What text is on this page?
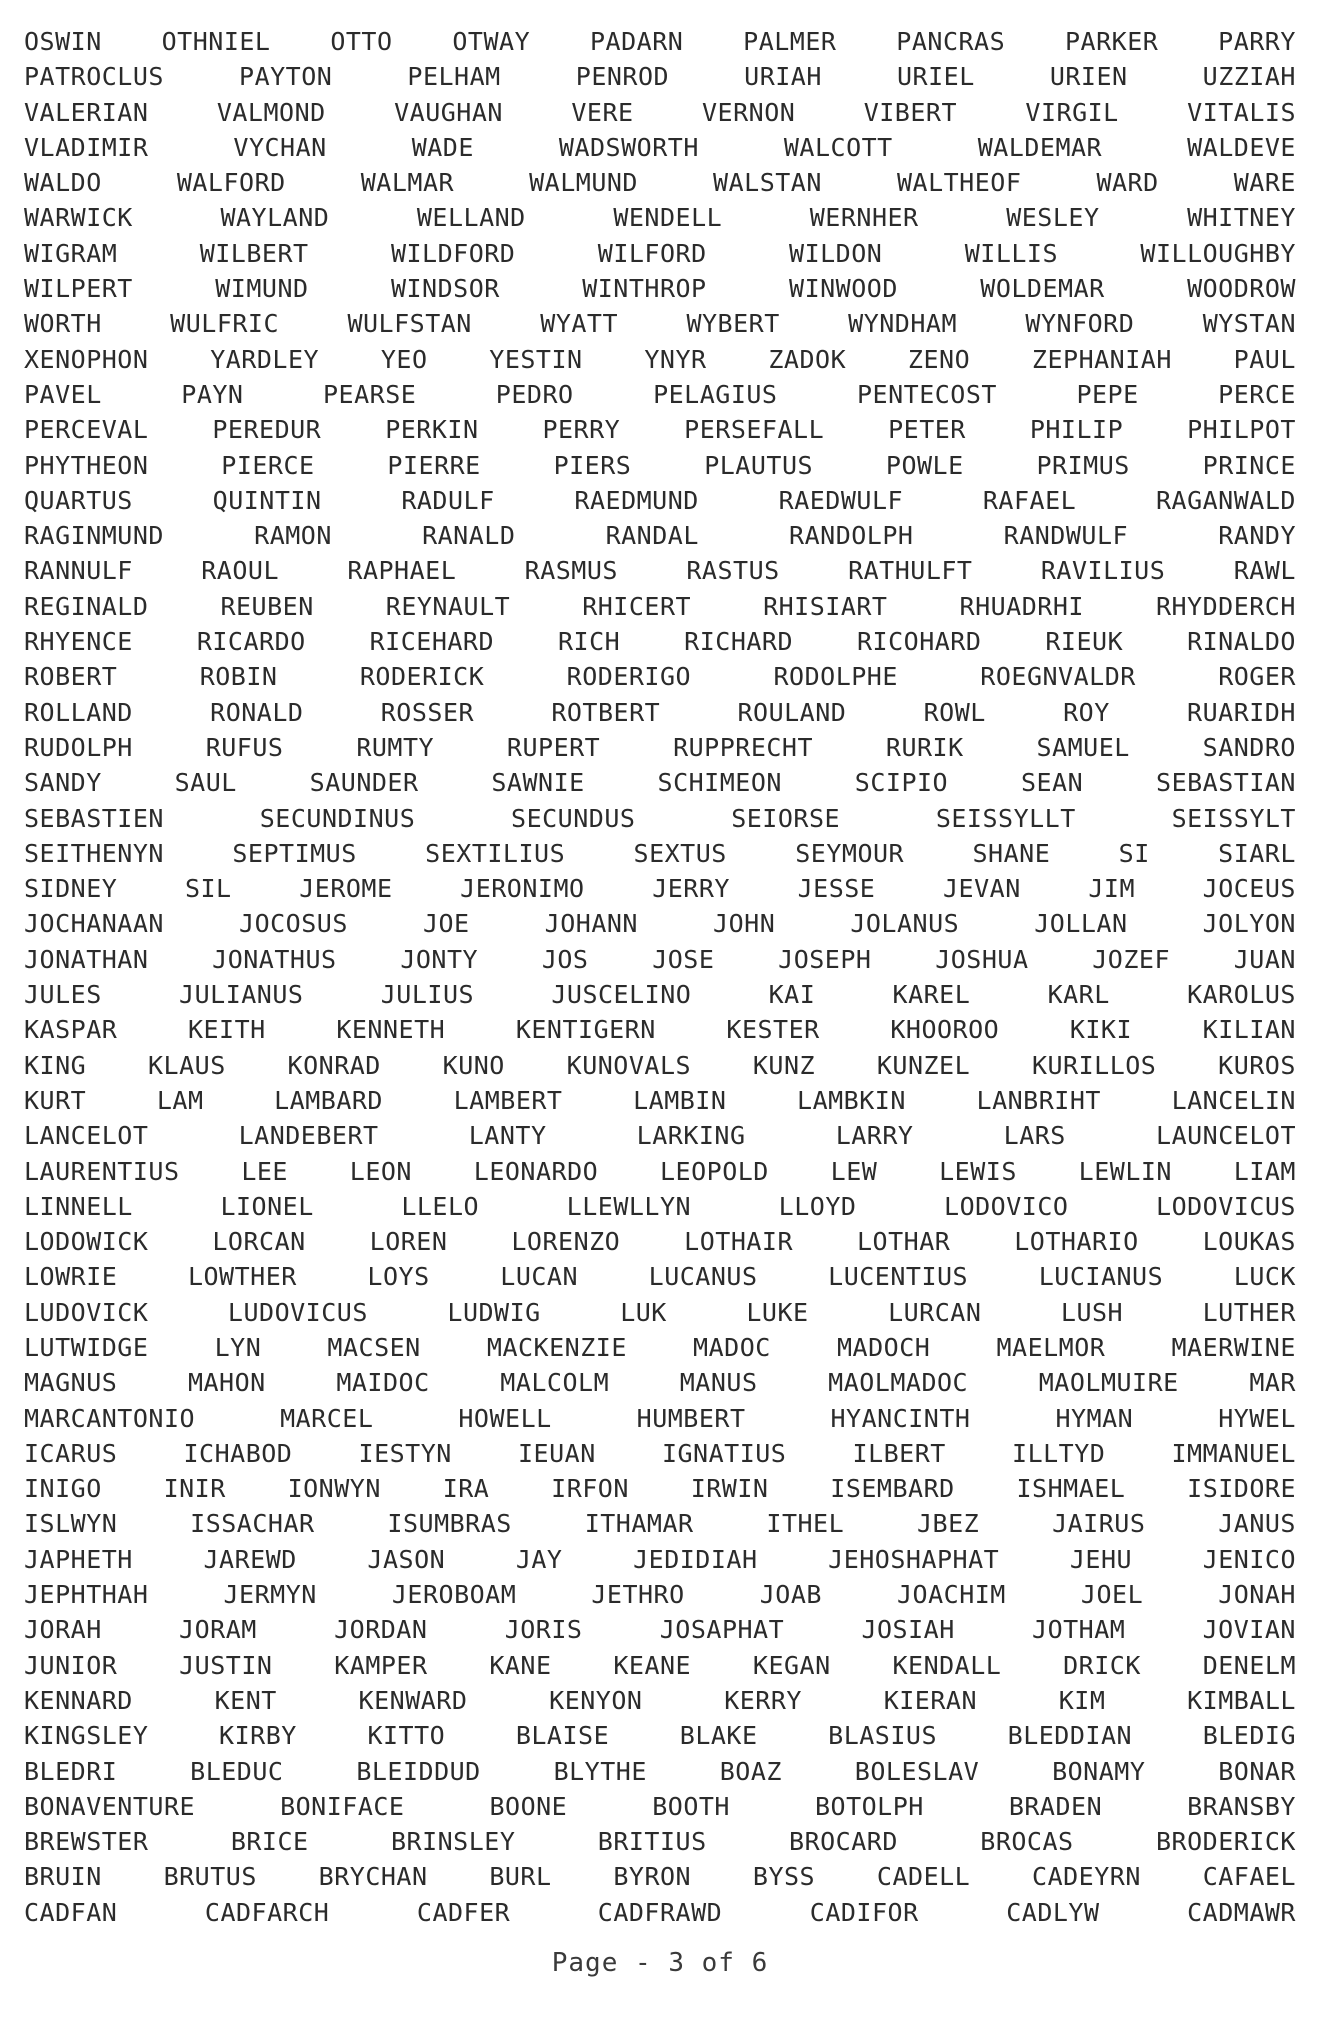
OSWIN OTHNIEL OTTO OTWAY PADARN PALMER PANCRAS PARKER PARRY
PATROCLUS	PAYTON	PELHAM	PENROD	URIAH	URIEL	URIEN	UZZIAH
VALERIAN	VALMOND	VAUGHAN	VERE	VERNON	VIBERT	VIRGIL	VITALIS
VLADIMIR	VYCHAN	WADE	WADSWORTH	WALCOTT	WALDEMAR	WALDEVE
WALDO	WALFORD	WALMAR	WALMUND	WALSTAN	WALTHEOF	WARD	WARE
WARWICK	WAYLAND	WELLAND	WENDELL	WERNHER	WESLEY	WHITNEY
WIGRAM	WILBERT	WILDFORD	WILFORD	WILDON	WILLIS	WILLOUGHBY
WILPERT	WIMUND	WINDSOR	WINTHROP	WINWOOD	WOLDEMAR	WOODROW
WORTH	WULFRIC	WULFSTAN	WYATT	WYBERT	WYNDHAM	WYNFORD	WYSTAN
XENOPHON YARDLEY YEO YESTIN YNYR ZADOK ZENO ZEPHANIAH PAUL
PAVEL	PAYN	PEARSE	PEDRO	PELAGIUS	PENTECOST	PEPE	PERCE
PERCEVAL	PEREDUR	PERKIN	PERRY	PERSEFALL	PETER	PHILIP	PHILPOT
PHYTHEON	PIERCE	PIERRE	PIERS	PLAUTUS	POWLE	PRIMUS	PRINCE
QUARTUS	QUINTIN	RADULF	RAEDMUND	RAEDWULF	RAFAEL	RAGANWALD
RAGINMUND	RAMON	RANALD	RANDAL	RANDOLPH	RANDWULF	RANDY
RANNULF	RAOUL	RAPHAEL	RASMUS	RASTUS	RATHULFT	RAVILIUS	RAWL
REGINALD	REUBEN	REYNAULT	RHICERT	RHISIART	RHUADRHI	RHYDDERCH
RHYENCE	RICARDO	RICEHARD	RICH	RICHARD	RICOHARD	RIEUK	RINALDO
ROBERT	ROBIN	RODERICK	RODERIGO	RODOLPHE	ROEGNVALDR	ROGER
ROLLAND	RONALD	ROSSER	ROTBERT	ROULAND	ROWL	ROY	RUARIDH
RUDOLPH	RUFUS	RUMTY	RUPERT	RUPPRECHT	RURIK	SAMUEL	SANDRO
SANDY	SAUL	SAUNDER	SAWNIE	SCHIMEON	SCIPIO	SEAN	SEBASTIAN
SEBASTIEN	SECUNDINUS	SECUNDUS	SEIORSE	SEISSYLLT	SEISSYLT
SEITHENYN	SEPTIMUS	SEXTILIUS	SEXTUS	SEYMOUR	SHANE	SI	SIARL
SIDNEY	SIL	JEROME	JERONIMO	JERRY	JESSE	JEVAN	JIM	JOCEUS
JOCHANAAN	JOCOSUS	JOE	JOHANN	JOHN	JOLANUS	JOLLAN	JOLYON
JONATHAN	JONATHUS	JONTY	JOS	JOSE	JOSEPH	JOSHUA	JOZEF	JUAN
JULES	JULIANUS	JULIUS	JUSCELINO	KAI	KAREL	KARL	KAROLUS
KASPAR	KEITH	KENNETH	KENTIGERN	KESTER	KHOOROO	KIKI	KILIAN
KING KLAUS KONRAD KUNO KUNOVALS KUNZ KUNZEL KURILLOS KUROS
KURT	LAM	LAMBARD	LAMBERT	LAMBIN	LAMBKIN	LANBRIHT	LANCELIN
LANCELOT	LANDEBERT	LANTY	LARKING	LARRY	LARS	LAUNCELOT
LAURENTIUS LEE LEON LEONARDO LEOPOLD LEW LEWIS LEWLIN LIAM
LINNELL	LIONEL	LLELO	LLEWLLYN	LLOYD	LODOVICO	LODOVICUS
LODOWICK	LORCAN	LOREN	LORENZO	LOTHAIR	LOTHAR	LOTHARIO	LOUKAS
LOWRIE	LOWTHER	LOYS	LUCAN	LUCANUS	LUCENTIUS	LUCIANUS	LUCK
LUDOVICK	LUDOVICUS	LUDWIG	LUK	LUKE	LURCAN	LUSH	LUTHER
LUTWIDGE	LYN	MACSEN	MACKENZIE	MADOC	MADOCH	MAELMOR	MAERWINE
MAGNUS	MAHON	MAIDOC	MALCOLM	MANUS	MAOLMADOC	MAOLMUIRE	MAR
MARCANTONIO	MARCEL	HOWELL	HUMBERT	HYANCINTH	HYMAN	HYWEL
ICARUS	ICHABOD	IESTYN	IEUAN	IGNATIUS	ILBERT	ILLTYD	IMMANUEL
INIGO INIR IONWYN IRA IRFON IRWIN ISEMBARD ISHMAEL ISIDORE
ISLWYN	ISSACHAR	ISUMBRAS	ITHAMAR	ITHEL	JBEZ	JAIRUS	JANUS
JAPHETH	JAREWD	JASON	JAY	JEDIDIAH	JEHOSHAPHAT	JEHU	JENICO
JEPHTHAH	JERMYN	JEROBOAM	JETHRO	JOAB	JOACHIM	JOEL	JONAH
JORAH	JORAM	JORDAN	JORIS	JOSAPHAT	JOSIAH	JOTHAM	JOVIAN
JUNIOR JUSTIN KAMPER KANE KEANE KEGAN KENDALL DRICK DENELM
KENNARD	KENT	KENWARD	KENYON	KERRY	KIERAN	KIM	KIMBALL
KINGSLEY	KIRBY	KITTO	BLAISE	BLAKE	BLASIUS	BLEDDIAN	BLEDIG
BLEDRI	BLEDUC	BLEIDDUD	BLYTHE	BOAZ	BOLESLAV	BONAMY	BONAR
BONAVENTURE	BONIFACE	BOONE	BOOTH	BOTOLPH	BRADEN	BRANSBY
BREWSTER	BRICE	BRINSLEY	BRITIUS	BROCARD	BROCAS	BRODERICK
BRUIN BRUTUS BRYCHAN BURL BYRON BYSS CADELL CADEYRN CAFAEL
CADFAN	CADFARCH	CADFER	CADFRAWD	CADIFOR	CADLYW	CADMAWR
Page - 3 of 6
